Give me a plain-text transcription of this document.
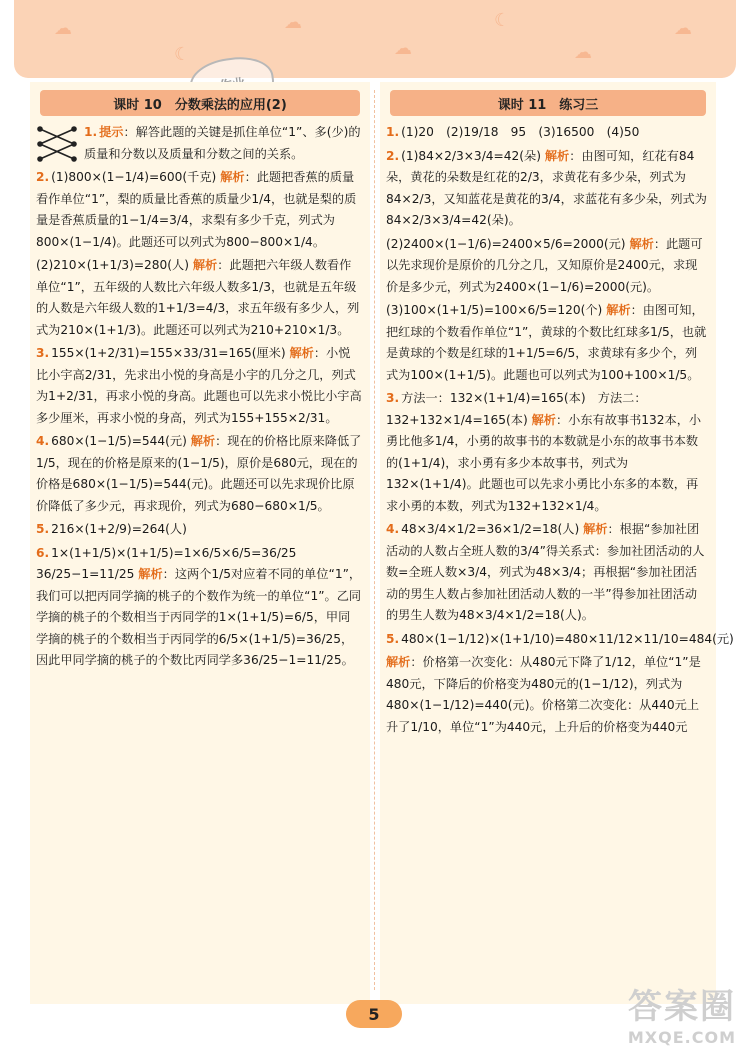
☁
☾
☁
☁
☾
☁
☁
课时 10　分数乘法的应用(2)
1. 提示：解答此题的关键是抓住单位“1”、多(少)的质量和分数以及质量和分数之间的关系。
2. (1)800×(1−1/4)=600(千克) 解析：此题把香蕉的质量看作单位“1”，梨的质量比香蕉的质量少1/4，也就是梨的质量是香蕉质量的1−1/4=3/4，求梨有多少千克，列式为800×(1−1/4)。此题还可以列式为800−800×1/4。
(2)210×(1+1/3)=280(人) 解析：此题把六年级人数看作单位“1”，五年级的人数比六年级人数多1/3，也就是五年级的人数是六年级人数的1+1/3=4/3，求五年级有多少人，列式为210×(1+1/3)。此题还可以列式为210+210×1/3。
3. 155×(1+2/31)=155×33/31=165(厘米) 解析：小悦比小宇高2/31，先求出小悦的身高是小宇的几分之几，列式为1+2/31，再求小悦的身高。此题也可以先求小悦比小宇高多少厘米，再求小悦的身高，列式为155+155×2/31。
4. 680×(1−1/5)=544(元) 解析：现在的价格比原来降低了1/5，现在的价格是原来的(1−1/5)，原价是680元，现在的价格是680×(1−1/5)=544(元)。此题还可以先求现价比原价降低了多少元，再求现价，列式为680−680×1/5。
5. 216×(1+2/9)=264(人)
6. 1×(1+1/5)×(1+1/5)=1×6/5×6/5=36/25　36/25−1=11/25 解析：这两个1/5对应着不同的单位“1”，我们可以把丙同学摘的桃子的个数作为统一的单位“1”。乙同学摘的桃子的个数相当于丙同学的1×(1+1/5)=6/5，甲同学摘的桃子的个数相当于丙同学的6/5×(1+1/5)=36/25，因此甲同学摘的桃子的个数比丙同学多36/25−1=11/25。
课时 11　练习三
1. (1)20　(2)19/18　95　(3)16500　(4)50
2. (1)84×2/3×3/4=42(朵) 解析：由图可知，红花有84朵，黄花的朵数是红花的2/3，求黄花有多少朵，列式为84×2/3，又知蓝花是黄花的3/4，求蓝花有多少朵，列式为84×2/3×3/4=42(朵)。
(2)2400×(1−1/6)=2400×5/6=2000(元) 解析：此题可以先求现价是原价的几分之几，又知原价是2400元，求现价是多少元，列式为2400×(1−1/6)=2000(元)。
(3)100×(1+1/5)=100×6/5=120(个) 解析：由图可知，把红球的个数看作单位“1”，黄球的个数比红球多1/5，也就是黄球的个数是红球的1+1/5=6/5，求黄球有多少个，列式为100×(1+1/5)。此题也可以列式为100+100×1/5。
3. 方法一：132×(1+1/4)=165(本)　方法二：132+132×1/4=165(本) 解析：小东有故事书132本，小勇比他多1/4，小勇的故事书的本数就是小东的故事书本数的(1+1/4)，求小勇有多少本故事书，列式为132×(1+1/4)。此题也可以先求小勇比小东多的本数，再求小勇的本数，列式为132+132×1/4。
4. 48×3/4×1/2=36×1/2=18(人) 解析：根据“参加社团活动的人数占全班人数的3/4”得关系式：参加社团活动的人数=全班人数×3/4，列式为48×3/4；再根据“参加社团活动的男生人数占参加社团活动人数的一半”得参加社团活动的男生人数为48×3/4×1/2=18(人)。
5. 480×(1−1/12)×(1+1/10)=480×11/12×11/10=484(元)
解析：价格第一次变化：从480元下降了1/12，单位“1”是480元，下降后的价格变为480元的(1−1/12)，列式为480×(1−1/12)=440(元)。价格第二次变化：从440元上升了1/10，单位“1”为440元，上升后的价格变为440元
5	答案圈
MXQE.COM
